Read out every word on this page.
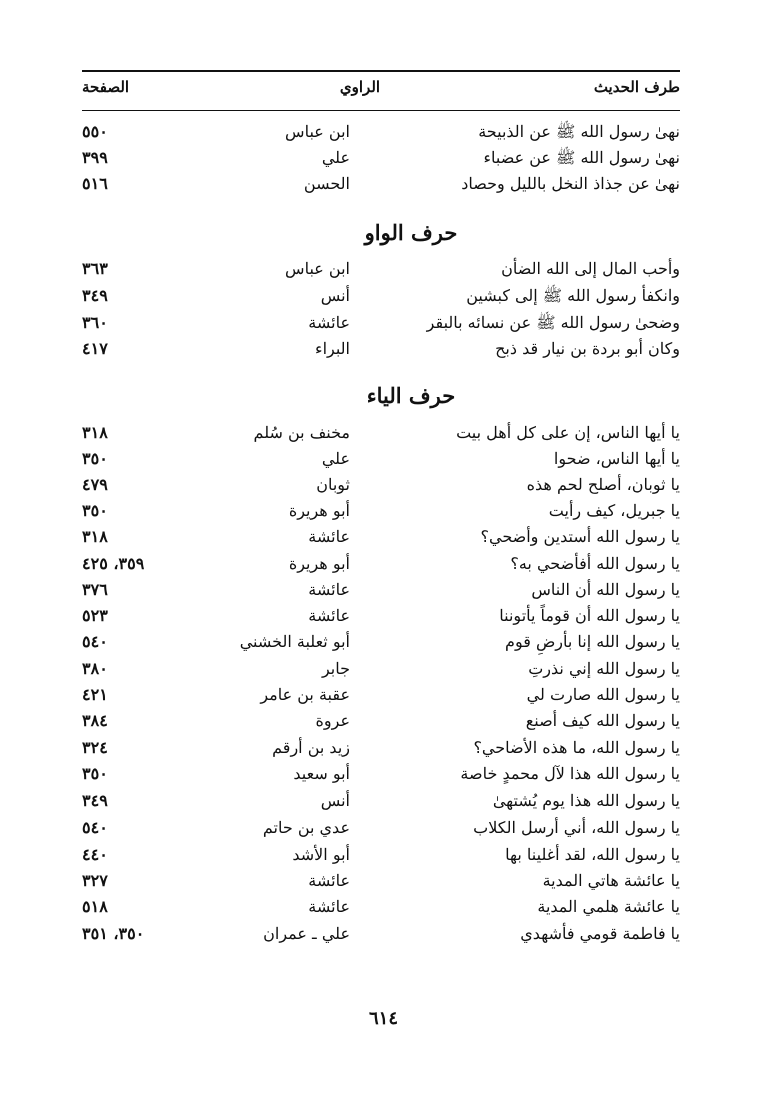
طرف الحديث
الراوي
الصفحة
نهىٰ رسول الله ﷺ عن الذبيحة
ابن عباس
٥٥٠
نهىٰ رسول الله ﷺ عن عضباء
علي
٣٩٩
نهىٰ عن جذاذ النخل بالليل وحصاد
الحسن
٥١٦
حرف الواو
وأحب المال إلى الله الضأن
ابن عباس
٣٦٣
وانكفأ رسول الله ﷺ إلى كبشين
أنس
٣٤٩
وضحىٰ رسول الله ﷺ عن نسائه بالبقر
عائشة
٣٦٠
وكان أبو بردة بن نيار قد ذبح
البراء
٤١٧
حرف الياء
يا أيها الناس، إن على كل أهل بيت
مخنف بن سُلم
٣١٨
يا أيها الناس، ضحوا
علي
٣٥٠
يا ثوبان، أصلح لحم هذه
ثوبان
٤٧٩
يا جبريل، كيف رأيت
أبو هريرة
٣٥٠
يا رسول الله أستدين وأضحي؟
عائشة
٣١٨
يا رسول الله أفأضحي به؟
أبو هريرة
٣٥٩، ٤٢٥
يا رسول الله أن الناس
عائشة
٣٧٦
يا رسول الله أن قوماً يأتوننا
عائشة
٥٢٣
يا رسول الله إنا بأرضِ قوم
أبو ثعلبة الخشني
٥٤٠
يا رسول الله إني نذرتِ
جابر
٣٨٠
يا رسول الله صارت لي
عقبة بن عامر
٤٢١
يا رسول الله كيف أصنع
عروة
٣٨٤
يا رسول الله، ما هذه الأضاحي؟
زيد بن أرقم
٣٢٤
يا رسول الله هذا لآل محمدٍ خاصة
أبو سعيد
٣٥٠
يا رسول الله هذا يوم يُشتهىٰ
أنس
٣٤٩
يا رسول الله، أني أرسل الكلاب
عدي بن حاتم
٥٤٠
يا رسول الله، لقد أغلينا بها
أبو الأشد
٤٤٠
يا عائشة هاتي المدية
عائشة
٣٢٧
يا عائشة هلمي المدية
عائشة
٥١٨
يا فاطمة قومي فأشهدي
علي ـ عمران
٣٥٠، ٣٥١
٦١٤
